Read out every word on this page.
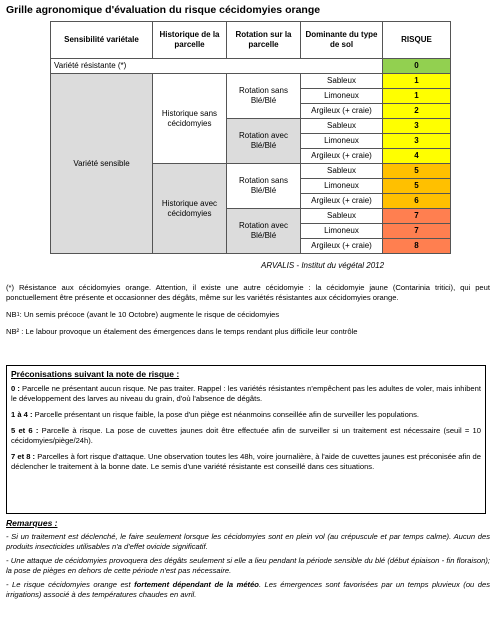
Grille agronomique d'évaluation du risque cécidomyies orange
Sensibilité variétale	Historique de la parcelle	Rotation sur la parcelle	Dominante du type de sol	RISQUE
Variété résistante (*)				0
Variété sensible	Historique sans cécidomyies	Rotation sans Blé/Blé	Sableux	1
			Limoneux	1
			Argileux (+ craie)	2
		Rotation avec Blé/Blé	Sableux	3
			Limoneux	3
			Argileux (+ craie)	4
	Historique avec cécidomyies	Rotation sans Blé/Blé	Sableux	5
			Limoneux	5
			Argileux (+ craie)	6
		Rotation avec Blé/Blé	Sableux	7
			Limoneux	7
			Argileux (+ craie)	8
ARVALIS - Institut du végétal 2012

(*) Résistance aux cécidomyies orange. Attention, il existe une autre cécidomyie : la cécidomyie jaune (Contarinia tritici), qui peut ponctuellement être présente et occasionner des dégâts, même sur les variétés résistantes aux cécidomyies orange.

$NB^1$: Un semis précoce (avant le 10 Octobre) augmente le risque de cécidomyies

NB² : Le labour provoque un étalement des émergences dans le temps rendant plus difficile leur contrôle

Préconisations suivant la note de risque :

0 : Parcelle ne présentant aucun risque. Ne pas traiter. Rappel : les variétés résistantes n'empêchent pas les adultes de voler, mais inhibent le développement des larves au niveau du grain, d'où l'absence de dégâts.

1 à 4 : Parcelle présentant un risque faible, la pose d'un piège est néanmoins conseillée afin de surveiller les populations.

5 et 6 : Parcelle à risque. La pose de cuvettes jaunes doit être effectuée afin de surveiller si un traitement est nécessaire (seuil = 10 cécidomyies/piège/24h).

7 et 8 : Parcelles à fort risque d'attaque. Une observation toutes les 48h, voire journalière, à l'aide de cuvettes jaunes est préconisée afin de déclencher le traitement à la bonne date. Le semis d'une variété résistante est conseillé dans ces situations.

Remarques :

- Si un traitement est déclenché, le faire seulement lorsque les cécidomyies sont en plein vol (au crépuscule et par temps calme). Aucun des produits insecticides utilisables n'a d'effet ovicide significatif.

- Une attaque de cécidomyies provoquera des dégâts seulement si elle a lieu pendant la période sensible du blé (début épiaison - fin floraison); la pose de pièges en dehors de cette période n'est pas nécessaire.

- Le risque cécidomyies orange est fortement dépendant de la météo. Les émergences sont favorisées par un temps pluvieux (ou des irrigations) associé à des températures chaudes en avril.
